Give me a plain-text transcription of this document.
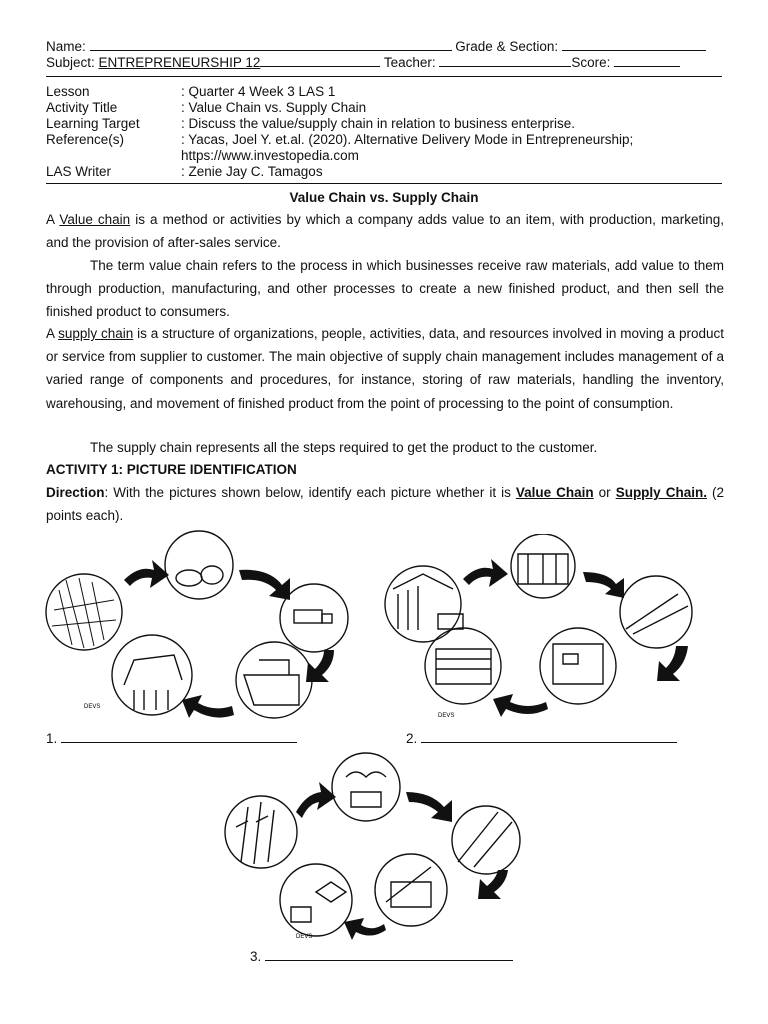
Name:	Grade & Section:
Subject: ENTREPRENEURSHIP 12	Teacher:	Score:
Lesson	: Quarter 4 Week 3 LAS 1
Activity Title	: Value Chain vs. Supply Chain
Learning Target	: Discuss the value/supply chain in relation to business enterprise.
Reference(s)	: Yacas, Joel Y. et.al. (2020). Alternative Delivery Mode in Entrepreneurship;
https://www.investopedia.com
LAS Writer	: Zenie Jay C. Tamagos
Value Chain vs. Supply Chain
A Value chain is a method or activities by which a company adds value to an item, with production, marketing, and the provision of after-sales service.
The term value chain refers to the process in which businesses receive raw materials, add value to them through production, manufacturing, and other processes to create a new finished product, and then sell the finished product to consumers.
A supply chain is a structure of organizations, people, activities, data, and resources involved in moving a product or service from supplier to customer. The main objective of supply chain management includes management of a varied range of components and procedures, for instance, storing of raw materials, handling the inventory, warehousing, and movement of finished product from the point of processing to the point of consumption.
The supply chain represents all the steps required to get the product to the customer.
ACTIVITY 1: PICTURE IDENTIFICATION
Direction: With the pictures shown below, identify each picture whether it is Value Chain or Supply Chain. (2 points each).
DEVS
DEVS
1.	2.
DEVS
3.
